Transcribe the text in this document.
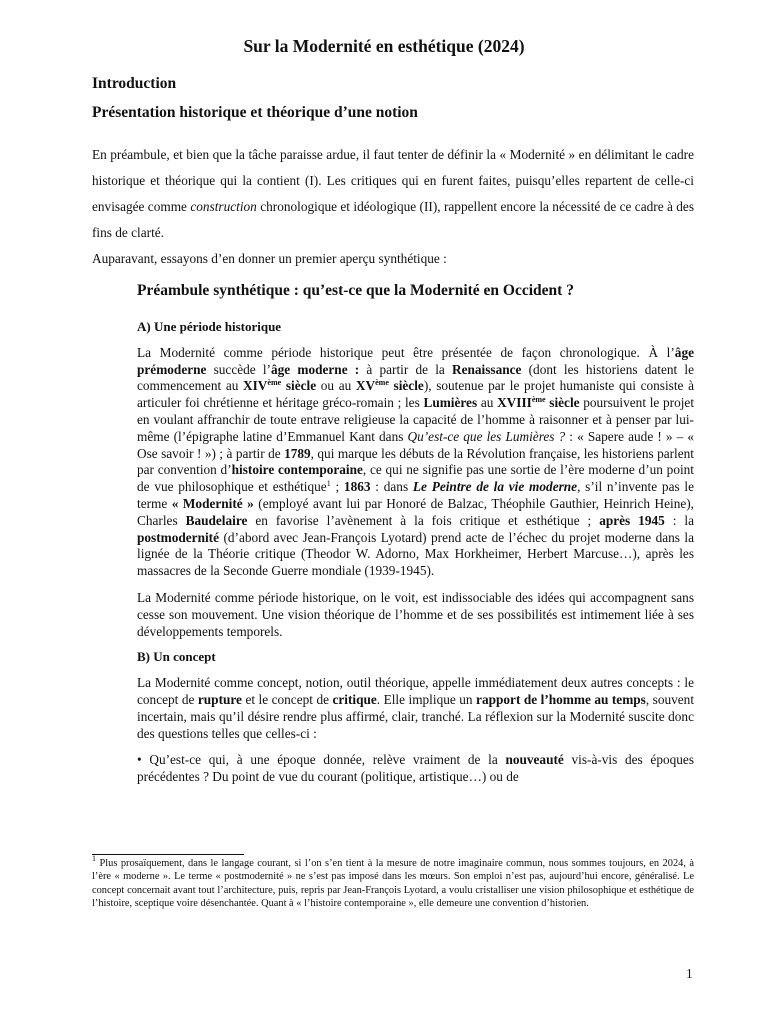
Sur la Modernité en esthétique (2024)
Introduction
Présentation historique et théorique d’une notion

En préambule, et bien que la tâche paraisse ardue, il faut tenter de définir la « Modernité » en délimitant le cadre historique et théorique qui la contient (I). Les critiques qui en furent faites, puisqu’elles repartent de celle-ci envisagée comme construction chronologique et idéologique (II), rappellent encore la nécessité de ce cadre à des fins de clarté.

Auparavant, essayons d’en donner un premier aperçu synthétique :

Préambule synthétique : qu’est-ce que la Modernité en Occident ?

A) Une période historique

La Modernité comme période historique peut être présentée de façon chronologique. À l’âge prémoderne succède l’âge moderne : à partir de la Renaissance (dont les historiens datent le commencement au XIVème siècle ou au XVème siècle), soutenue par le projet humaniste qui consiste à articuler foi chrétienne et héritage gréco-romain ; les Lumières au XVIIIème siècle poursuivent le projet en voulant affranchir de toute entrave religieuse la capacité de l’homme à raisonner et à penser par lui-même (l’épigraphe latine d’Emmanuel Kant dans Qu’est-ce que les Lumières ? : « Sapere aude ! » – « Ose savoir ! ») ; à partir de 1789, qui marque les débuts de la Révolution française, les historiens parlent par convention d’histoire contemporaine, ce qui ne signifie pas une sortie de l’ère moderne d’un point de vue philosophique et esthétique$^1$ ; 1863 : dans Le Peintre de la vie moderne, s’il n’invente pas le terme « Modernité » (employé avant lui par Honoré de Balzac, Théophile Gauthier, Heinrich Heine), Charles Baudelaire en favorise l’avènement à la fois critique et esthétique ; après 1945 : la postmodernité (d’abord avec Jean-François Lyotard) prend acte de l’échec du projet moderne dans la lignée de la Théorie critique (Theodor W. Adorno, Max Horkheimer, Herbert Marcuse…), après les massacres de la Seconde Guerre mondiale (1939-1945).

La Modernité comme période historique, on le voit, est indissociable des idées qui accompagnent sans cesse son mouvement. Une vision théorique de l’homme et de ses possibilités est intimement liée à ses développements temporels.

B) Un concept

La Modernité comme concept, notion, outil théorique, appelle immédiatement deux autres concepts : le concept de rupture et le concept de critique. Elle implique un rapport de l’homme au temps, souvent incertain, mais qu’il désire rendre plus affirmé, clair, tranché. La réflexion sur la Modernité suscite donc des questions telles que celles-ci :

• Qu’est-ce qui, à une époque donnée, relève vraiment de la nouveauté vis-à-vis des époques précédentes ? Du point de vue du courant (politique, artistique…) ou de

$^1$ Plus prosaïquement, dans le langage courant, si l’on s’en tient à la mesure de notre imaginaire commun, nous sommes toujours, en 2024, à l’ère « moderne ». Le terme « postmodernité » ne s’est pas imposé dans les mœurs. Son emploi n’est pas, aujourd’hui encore, généralisé. Le concept concernait avant tout l’architecture, puis, repris par Jean-François Lyotard, a voulu cristalliser une vision philosophique et esthétique de l’histoire, sceptique voire désenchantée. Quant à « l’histoire contemporaine », elle demeure une convention d’historien.

1
